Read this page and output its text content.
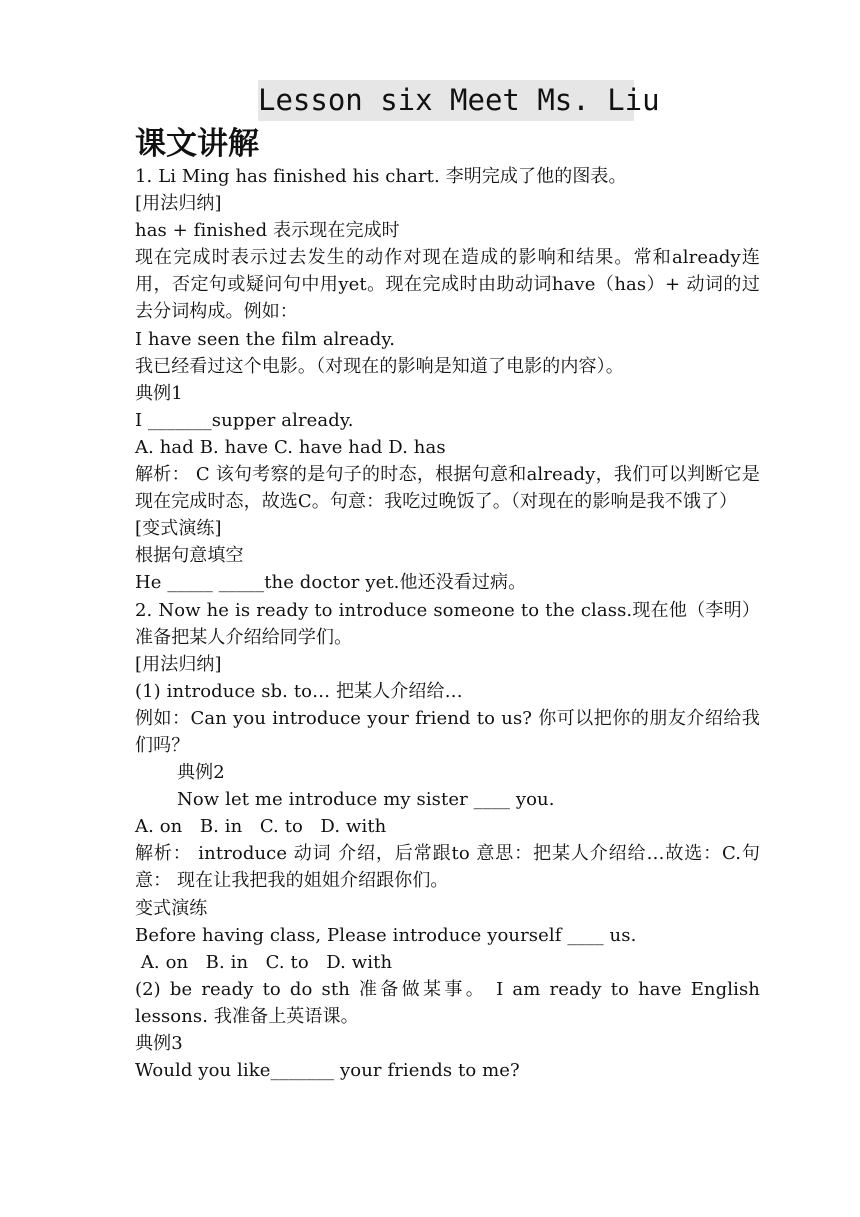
Lesson six Meet Ms. Liu
课文讲解

1. Li Ming has finished his chart. 李明完成了他的图表。

[用法归纳]

has + finished 表示现在完成时

现在完成时表示过去发生的动作对现在造成的影响和结果。常和already连用，否定句或疑问句中用yet。现在完成时由助动词have（has）+ 动词的过去分词构成。例如：

I have seen the film already.

我已经看过这个电影。（对现在的影响是知道了电影的内容）。

典例1

I _______supper already.

A. had B. have C. have had D. has

解析： C 该句考察的是句子的时态，根据句意和already，我们可以判断它是现在完成时态，故选C。句意：我吃过晚饭了。（对现在的影响是我不饿了）

[变式演练]

根据句意填空

He _____ _____the doctor yet.他还没看过病。

2. Now he is ready to introduce someone to the class.现在他（李明）准备把某人介绍给同学们。

[用法归纳]

(1) introduce sb. to… 把某人介绍给…

例如：Can you introduce your friend to us? 你可以把你的朋友介绍给我们吗？

典例2

Now let me introduce my sister ____ you.

A. on   B. in   C. to   D. with

解析： introduce 动词 介绍，后常跟to 意思：把某人介绍给…故选：C.句意： 现在让我把我的姐姐介绍跟你们。

变式演练

Before having class, Please introduce yourself ____ us.

A. on   B. in   C. to   D. with

(2) be ready to do sth 准备做某事。 I am ready to have English lessons. 我准备上英语课。

典例3

Would you like_______ your friends to me?
